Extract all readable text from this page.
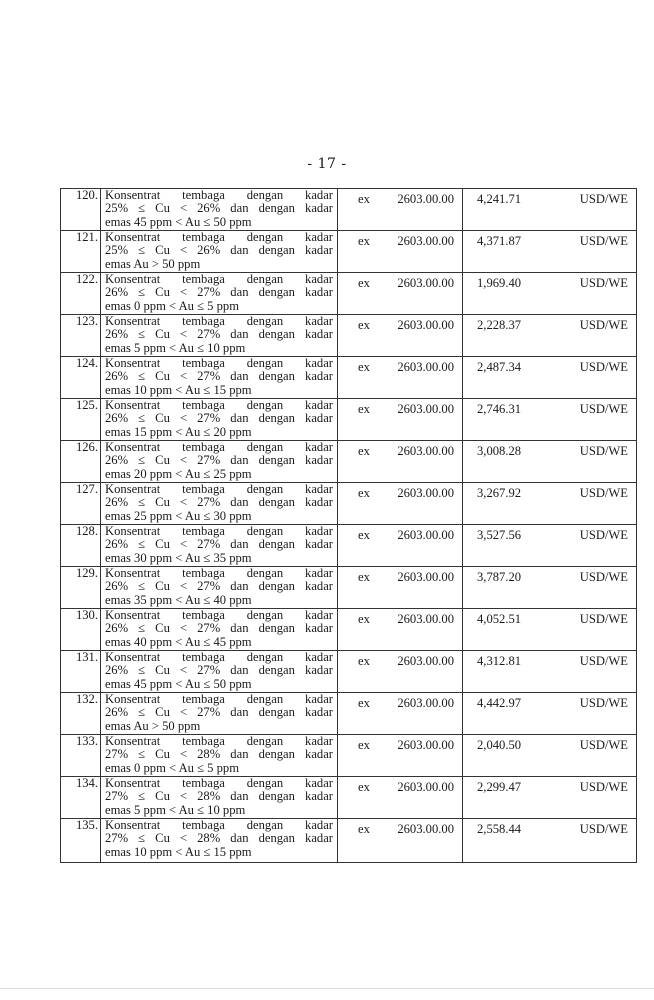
- 17 -
120.	Konsentrat tembaga dengan kadar
25% ≤ Cu < 26% dan dengan kadar
emas 45 ppm < Au ≤ 50 ppm	ex 2603.00.00	4,241.71 USD/WE

121.	Konsentrat tembaga dengan kadar
25% ≤ Cu < 26% dan dengan kadar
emas Au > 50 ppm	ex 2603.00.00	4,371.87 USD/WE

122.	Konsentrat tembaga dengan kadar
26% ≤ Cu < 27% dan dengan kadar
emas 0 ppm < Au ≤ 5 ppm	ex 2603.00.00	1,969.40 USD/WE

123.	Konsentrat tembaga dengan kadar
26% ≤ Cu < 27% dan dengan kadar
emas 5 ppm < Au ≤ 10 ppm	ex 2603.00.00	2,228.37 USD/WE

124.	Konsentrat tembaga dengan kadar
26% ≤ Cu < 27% dan dengan kadar
emas 10 ppm < Au ≤ 15 ppm	ex 2603.00.00	2,487.34 USD/WE

125.	Konsentrat tembaga dengan kadar
26% ≤ Cu < 27% dan dengan kadar
emas 15 ppm < Au ≤ 20 ppm	ex 2603.00.00	2,746.31 USD/WE

126.	Konsentrat tembaga dengan kadar
26% ≤ Cu < 27% dan dengan kadar
emas 20 ppm < Au ≤ 25 ppm	ex 2603.00.00	3,008.28 USD/WE

127.	Konsentrat tembaga dengan kadar
26% ≤ Cu < 27% dan dengan kadar
emas 25 ppm < Au ≤ 30 ppm	ex 2603.00.00	3,267.92 USD/WE

128.	Konsentrat tembaga dengan kadar
26% ≤ Cu < 27% dan dengan kadar
emas 30 ppm < Au ≤ 35 ppm	ex 2603.00.00	3,527.56 USD/WE

129.	Konsentrat tembaga dengan kadar
26% ≤ Cu < 27% dan dengan kadar
emas 35 ppm < Au ≤ 40 ppm	ex 2603.00.00	3,787.20 USD/WE

130.	Konsentrat tembaga dengan kadar
26% ≤ Cu < 27% dan dengan kadar
emas 40 ppm < Au ≤ 45 ppm	ex 2603.00.00	4,052.51 USD/WE

131.	Konsentrat tembaga dengan kadar
26% ≤ Cu < 27% dan dengan kadar
emas 45 ppm < Au ≤ 50 ppm	ex 2603.00.00	4,312.81 USD/WE

132.	Konsentrat tembaga dengan kadar
26% ≤ Cu < 27% dan dengan kadar
emas Au > 50 ppm	ex 2603.00.00	4,442.97 USD/WE

133.	Konsentrat tembaga dengan kadar
27% ≤ Cu < 28% dan dengan kadar
emas 0 ppm < Au ≤ 5 ppm	ex 2603.00.00	2,040.50 USD/WE

134.	Konsentrat tembaga dengan kadar
27% ≤ Cu < 28% dan dengan kadar
emas 5 ppm < Au ≤ 10 ppm	ex 2603.00.00	2,299.47 USD/WE

135.	Konsentrat tembaga dengan kadar
27% ≤ Cu < 28% dan dengan kadar
emas 10 ppm < Au ≤ 15 ppm	ex 2603.00.00	2,558.44 USD/WE
